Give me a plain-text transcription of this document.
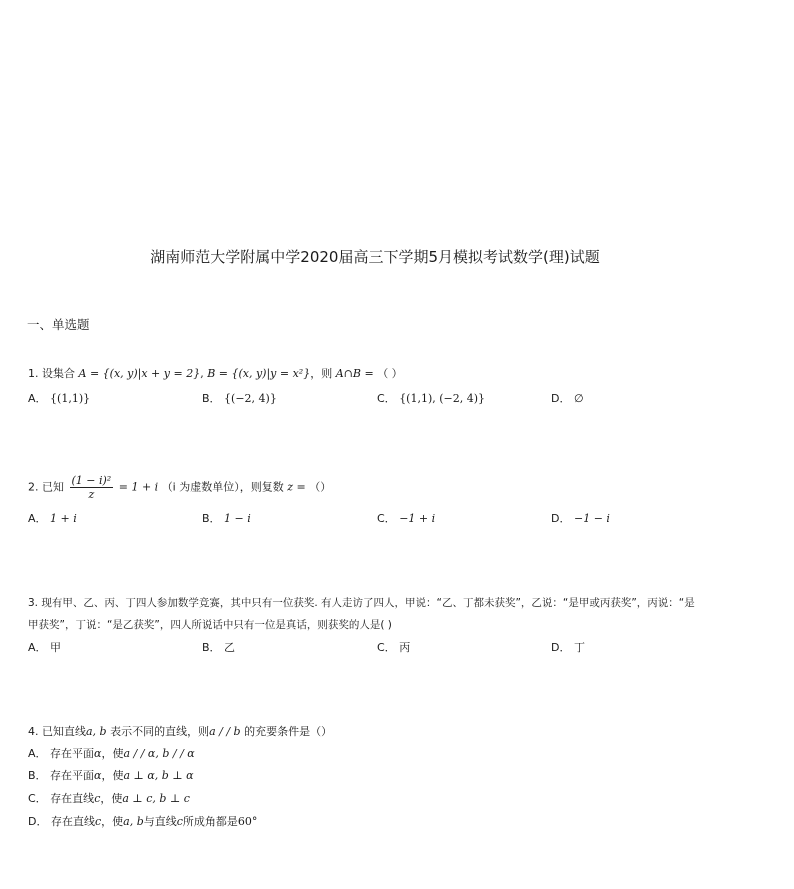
湖南师范大学附属中学2020届高三下学期5月模拟考试数学(理)试题
一、单选题
1. 设集合 A = {(x, y)|x + y = 2}, B = {(x, y)|y = x²}，则 A∩B = （ ）
A． {(1,1)}	B． {(−2, 4)}	C． {(1,1), (−2, 4)}	D． ∅
2. 已知 $\frac{\text{(1 − i)²}}{z} = 1 + i$ （i 为虚数单位），则复数 z = （）
A． 1 + i	B． 1 − i	C． −1 + i	D． −1 − i
3. 现有甲、乙、丙、丁四人参加数学竞赛，其中只有一位获奖. 有人走访了四人，甲说：“乙、丁都未获奖”，乙说：“是甲或丙获奖”，丙说：“是
甲获奖”，丁说：“是乙获奖”，四人所说话中只有一位是真话，则获奖的人是( )
A． 甲	B． 乙	C． 丙	D． 丁
4. 已知直线a, b 表示不同的直线，则a / / b 的充要条件是（）
A． 存在平面α，使a / / α, b / / α
B． 存在平面α，使a ⊥ α, b ⊥ α
C． 存在直线c，使a ⊥ c, b ⊥ c
D． 存在直线c，使a, b与直线c所成角都是60°
